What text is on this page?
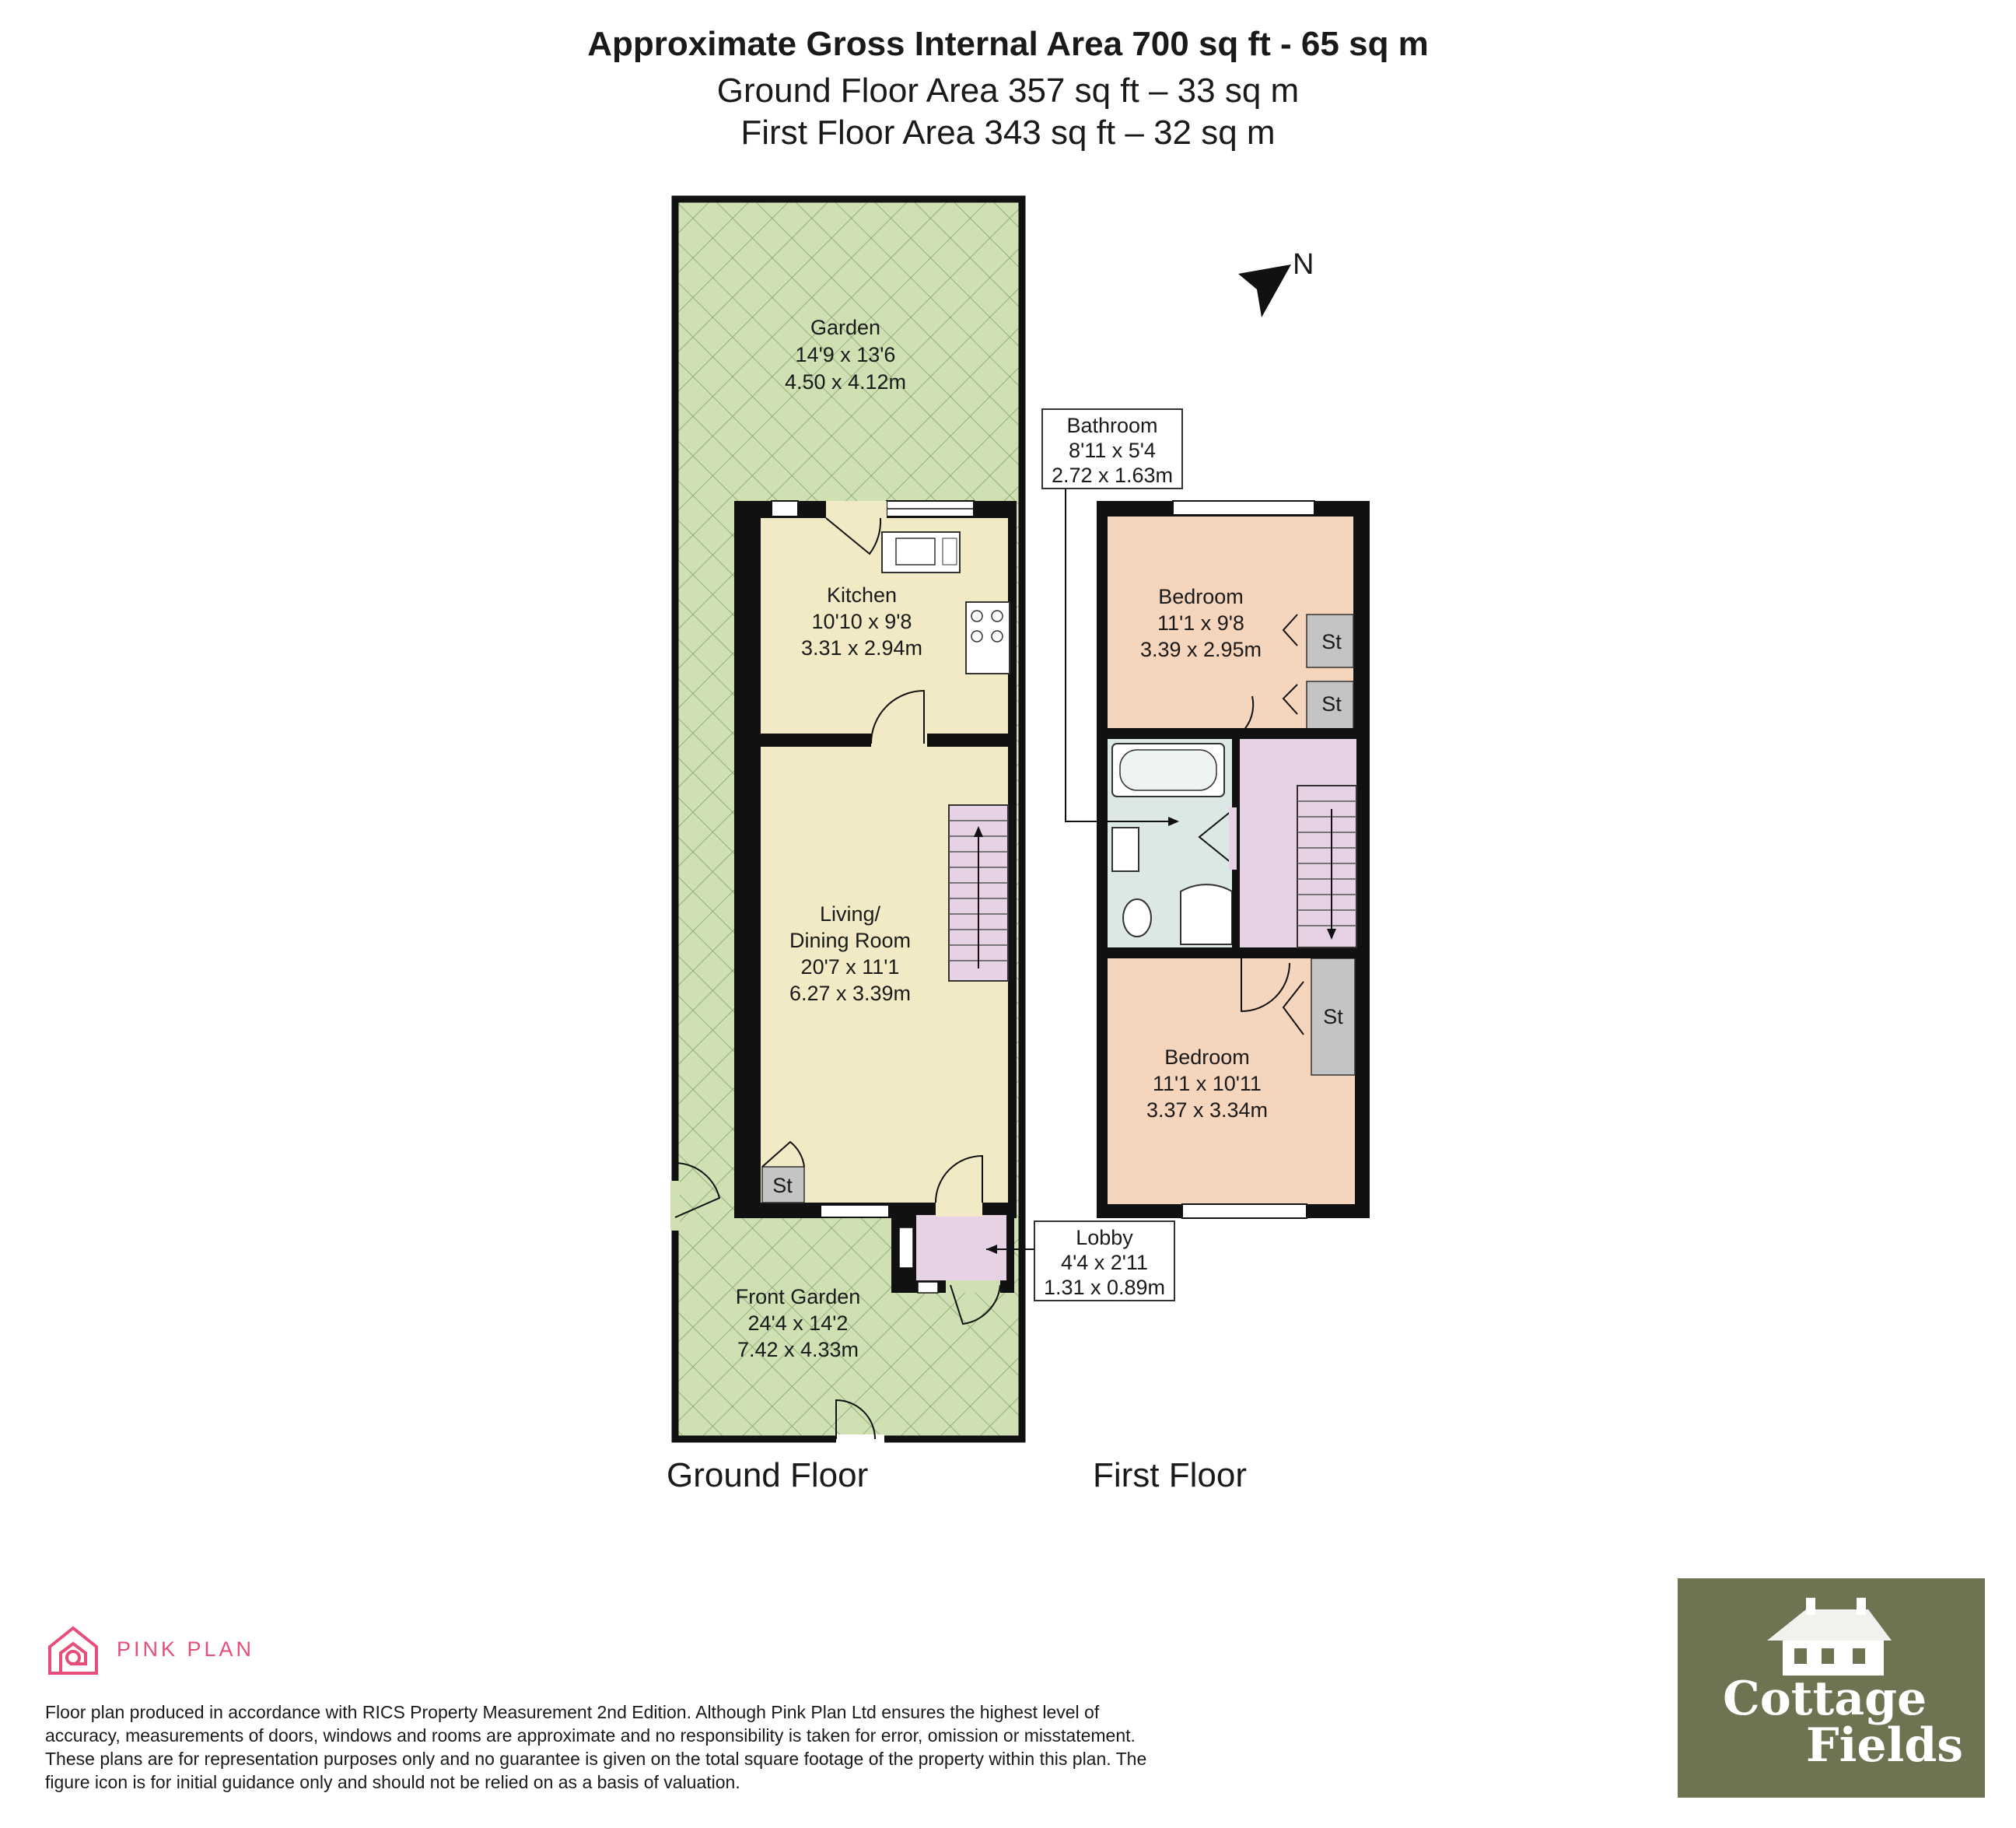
Approximate Gross Internal Area 700 sq ft - 65 sq m
Ground Floor Area 357 sq ft – 33 sq m
First Floor Area 343 sq ft – 32 sq m
N
Garden
14'9 x 13'6
4.50 x 4.12m
Kitchen
10'10 x 9'8
3.31 x 2.94m
Living/
Dining Room
20'7 x 11'1
6.27 x 3.39m
St
Lobby
4'4 x 2'11
1.31 x 0.89m
Front Garden
24'4 x 14'2
7.42 x 4.33m
Bathroom
8'11 x 5'4
2.72 x 1.63m
Bedroom
11'1 x 9'8
3.39 x 2.95m	St
St
St
Bedroom
11'1 x 10'11
3.37 x 3.34m
Ground Floor	First Floor
PINK PLAN
Floor plan produced in accordance with RICS Property Measurement 2nd Edition. Although Pink Plan Ltd ensures the highest level of accuracy, measurements of doors, windows and rooms are approximate and no responsibility is taken for error, omission or misstatement. These plans are for representation purposes only and no guarantee is given on the total square footage of the property within this plan. The figure icon is for initial guidance only and should not be relied on as a basis of valuation.
Cottage
Fields
